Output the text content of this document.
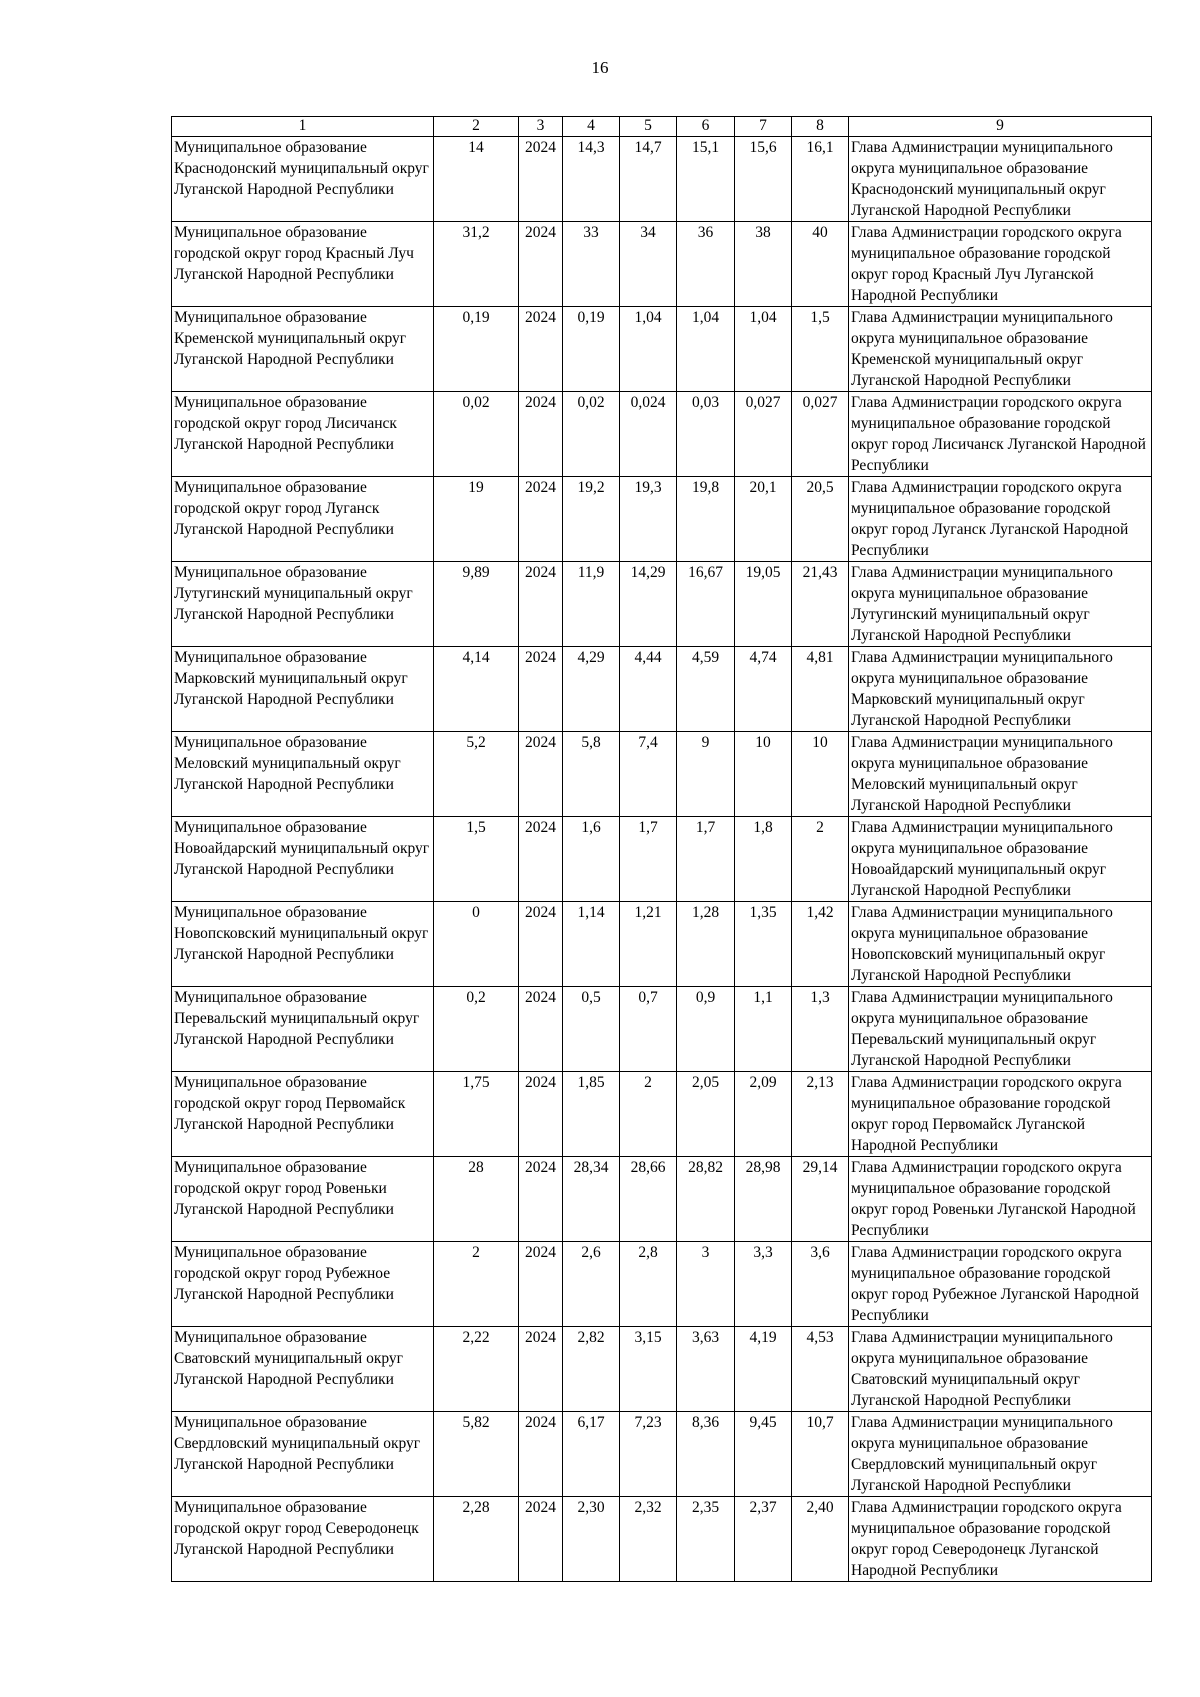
16
1	2	3	4	5	6	7	8	9
Муниципальное образование Краснодонский муниципальный округ Луганской Народной Республики	14	2024	14,3	14,7	15,1	15,6	16,1	Глава Администрации муниципального округа муниципальное образование Краснодонский муниципальный округ Луганской Народной Республики
Муниципальное образование городской округ город Красный Луч Луганской Народной Республики	31,2	2024	33	34	36	38	40	Глава Администрации городского округа муниципальное образование городской округ город Красный Луч Луганской Народной Республики
Муниципальное образование Кременской муниципальный округ Луганской Народной Республики	0,19	2024	0,19	1,04	1,04	1,04	1,5	Глава Администрации муниципального округа муниципальное образование Кременской муниципальный округ Луганской Народной Республики
Муниципальное образование городской округ город Лисичанск Луганской Народной Республики	0,02	2024	0,02	0,024	0,03	0,027	0,027	Глава Администрации городского округа муниципальное образование городской округ город Лисичанск Луганской Народной Республики
Муниципальное образование городской округ город Луганск Луганской Народной Республики	19	2024	19,2	19,3	19,8	20,1	20,5	Глава Администрации городского округа муниципальное образование городской округ город Луганск Луганской Народной Республики
Муниципальное образование Лутугинский муниципальный округ Луганской Народной Республики	9,89	2024	11,9	14,29	16,67	19,05	21,43	Глава Администрации муниципального округа муниципальное образование Лутугинский муниципальный округ Луганской Народной Республики
Муниципальное образование Марковский муниципальный округ Луганской Народной Республики	4,14	2024	4,29	4,44	4,59	4,74	4,81	Глава Администрации муниципального округа муниципальное образование Марковский муниципальный округ Луганской Народной Республики
Муниципальное образование Меловский муниципальный округ Луганской Народной Республики	5,2	2024	5,8	7,4	9	10	10	Глава Администрации муниципального округа муниципальное образование Меловский муниципальный округ Луганской Народной Республики
Муниципальное образование Новоайдарский муниципальный округ Луганской Народной Республики	1,5	2024	1,6	1,7	1,7	1,8	2	Глава Администрации муниципального округа муниципальное образование Новоайдарский муниципальный округ Луганской Народной Республики
Муниципальное образование Новопсковский муниципальный округ Луганской Народной Республики	0	2024	1,14	1,21	1,28	1,35	1,42	Глава Администрации муниципального округа муниципальное образование Новопсковский муниципальный округ Луганской Народной Республики
Муниципальное образование Перевальский муниципальный округ Луганской Народной Республики	0,2	2024	0,5	0,7	0,9	1,1	1,3	Глава Администрации муниципального округа муниципальное образование Перевальский муниципальный округ Луганской Народной Республики
Муниципальное образование городской округ город Первомайск Луганской Народной Республики	1,75	2024	1,85	2	2,05	2,09	2,13	Глава Администрации городского округа муниципальное образование городской округ город Первомайск Луганской Народной Республики
Муниципальное образование городской округ город Ровеньки Луганской Народной Республики	28	2024	28,34	28,66	28,82	28,98	29,14	Глава Администрации городского округа муниципальное образование городской округ город Ровеньки Луганской Народной Республики
Муниципальное образование городской округ город Рубежное Луганской Народной Республики	2	2024	2,6	2,8	3	3,3	3,6	Глава Администрации городского округа муниципальное образование городской округ город Рубежное Луганской Народной Республики
Муниципальное образование Сватовский муниципальный округ Луганской Народной Республики	2,22	2024	2,82	3,15	3,63	4,19	4,53	Глава Администрации муниципального округа муниципальное образование Сватовский муниципальный округ Луганской Народной Республики
Муниципальное образование Свердловский муниципальный округ Луганской Народной Республики	5,82	2024	6,17	7,23	8,36	9,45	10,7	Глава Администрации муниципального округа муниципальное образование Свердловский муниципальный округ Луганской Народной Республики
Муниципальное образование городской округ город Северодонецк Луганской Народной Республики	2,28	2024	2,30	2,32	2,35	2,37	2,40	Глава Администрации городского округа муниципальное образование городской округ город Северодонецк Луганской Народной Республики
